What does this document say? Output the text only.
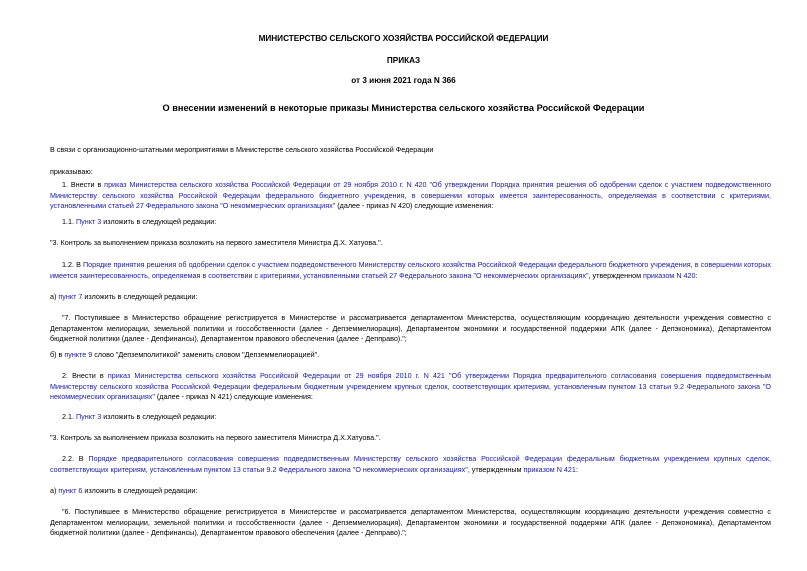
МИНИСТЕРСТВО СЕЛЬСКОГО ХОЗЯЙСТВА РОССИЙСКОЙ ФЕДЕРАЦИИ
ПРИКАЗ
от 3 июня 2021 года N 366
О внесении изменений в некоторые приказы Министерства сельского хозяйства Российской Федерации
В связи с организационно-штатными мероприятиями в Министерстве сельского хозяйства Российской Федерации
приказываю:
1. Внести в приказ Министерства сельского хозяйства Российской Федерации от 29 ноября 2010 г. N 420 "Об утверждении Порядка принятия решения об одобрении сделок с участием подведомственного Министерству сельского хозяйства Российской Федерации федерального бюджетного учреждения, в совершении которых имеется заинтересованность, определяемая в соответствии с критериями, установленными статьей 27 Федерального закона "О некоммерческих организациях" (далее - приказ N 420) следующие изменения:
1.1. Пункт 3 изложить в следующей редакции:
"3. Контроль за выполнением приказа возложить на первого заместителя Министра Д.Х. Хатуова.".
1.2. В Порядке принятия решения об одобрении сделок с участием подведомственного Министерству сельского хозяйства Российской Федерации федерального бюджетного учреждения, в совершении которых имеется заинтересованность, определяемая в соответствии с критериями, установленными статьей 27 Федерального закона "О некоммерческих организациях", утвержденном приказом N 420:
а) пункт 7 изложить в следующей редакции:
"7. Поступившее в Министерство обращение регистрируется в Министерстве и рассматривается департаментом Министерства, осуществляющим координацию деятельности учреждения совместно с Департаментом мелиорации, земельной политики и госсобственности (далее - Депземмелиорация), Департаментом экономики и государственной поддержки АПК (далее - Депэкономика), Департаментом бюджетной политики (далее - Депфинансы), Департаментом правового обеспечения (далее - Депправо).";
б) в пункте 9 слово "Депземполитикой" заменить словом "Депземмелиорацией".
2. Внести в приказ Министерства сельского хозяйства Российской Федерации от 29 ноября 2010 г. N 421 "Об утверждении Порядка предварительного согласования совершения подведомственным Министерству сельского хозяйства Российской Федерации федеральным бюджетным учреждением крупных сделок, соответствующих критериям, установленным пунктом 13 статьи 9.2 Федерального закона "О некоммерческих организациях" (далее - приказ N 421) следующие изменения:
2.1. Пункт 3 изложить в следующей редакции:
"3. Контроль за выполнением приказа возложить на первого заместителя Министра Д.Х.Хатуова.".
2.2. В Порядке предварительного согласования совершения подведомственным Министерству сельского хозяйства Российской Федерации федеральным бюджетным учреждением крупных сделок, соответствующих критериям, установленным пунктом 13 статьи 9.2 Федерального закона "О некоммерческих организациях", утвержденным приказом N 421:
а) пункт 6 изложить в следующей редакции:
"6. Поступившее в Министерство обращение регистрируется в Министерстве и рассматривается департаментом Министерства, осуществляющим координацию деятельности учреждения совместно с Департаментом мелиорации, земельной политики и госсобственности (далее - Депземмелиорация), Департаментом экономики и государственной поддержки АПК (далее - Депэкономика), Департаментом бюджетной политики (далее - Депфинансы), Департаментом правового обеспечения (далее - Депправо).";
